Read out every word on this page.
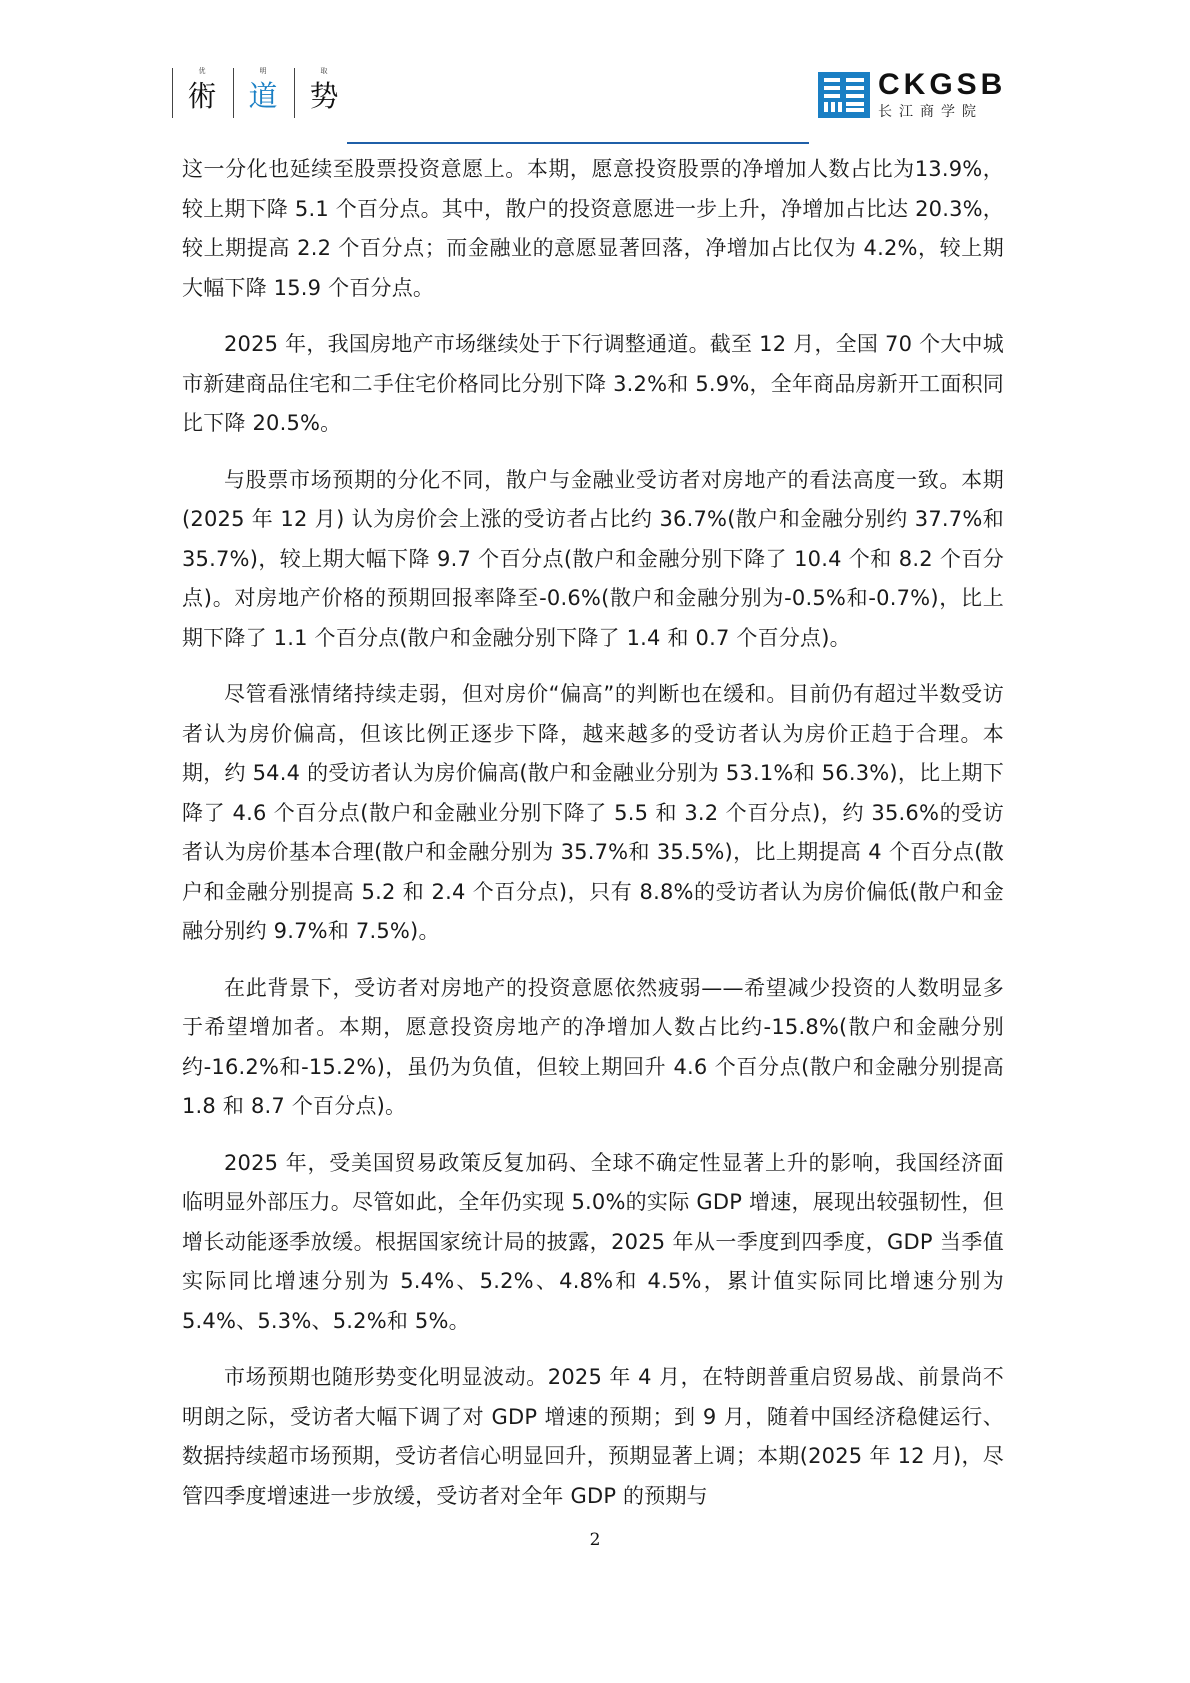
优
術
明
道
取
势	CKGSB
长江商学院

这一分化也延续至股票投资意愿上。本期，愿意投资股票的净增加人数占比为13.9%，较上期下降 5.1 个百分点。其中，散户的投资意愿进一步上升，净增加占比达 20.3%，较上期提高 2.2 个百分点；而金融业的意愿显著回落，净增加占比仅为 4.2%，较上期大幅下降 15.9 个百分点。

2025 年，我国房地产市场继续处于下行调整通道。截至 12 月，全国 70 个大中城市新建商品住宅和二手住宅价格同比分别下降 3.2%和 5.9%，全年商品房新开工面积同比下降 20.5%。

与股票市场预期的分化不同，散户与金融业受访者对房地产的看法高度一致。本期 (2025 年 12 月) 认为房价会上涨的受访者占比约 36.7%(散户和金融分别约 37.7%和 35.7%)，较上期大幅下降 9.7 个百分点(散户和金融分别下降了 10.4 个和 8.2 个百分点)。对房地产价格的预期回报率降至-0.6%(散户和金融分别为-0.5%和-0.7%)，比上期下降了 1.1 个百分点(散户和金融分别下降了 1.4 和 0.7 个百分点)。

尽管看涨情绪持续走弱，但对房价“偏高”的判断也在缓和。目前仍有超过半数受访者认为房价偏高，但该比例正逐步下降，越来越多的受访者认为房价正趋于合理。本期，约 54.4 的受访者认为房价偏高(散户和金融业分别为 53.1%和 56.3%)，比上期下降了 4.6 个百分点(散户和金融业分别下降了 5.5 和 3.2 个百分点)，约 35.6%的受访者认为房价基本合理(散户和金融分别为 35.7%和 35.5%)，比上期提高 4 个百分点(散户和金融分别提高 5.2 和 2.4 个百分点)，只有 8.8%的受访者认为房价偏低(散户和金融分别约 9.7%和 7.5%)。

在此背景下，受访者对房地产的投资意愿依然疲弱——希望减少投资的人数明显多于希望增加者。本期，愿意投资房地产的净增加人数占比约-15.8%(散户和金融分别约-16.2%和-15.2%)，虽仍为负值，但较上期回升 4.6 个百分点(散户和金融分别提高 1.8 和 8.7 个百分点)。

2025 年，受美国贸易政策反复加码、全球不确定性显著上升的影响，我国经济面临明显外部压力。尽管如此，全年仍实现 5.0%的实际 GDP 增速，展现出较强韧性，但增长动能逐季放缓。根据国家统计局的披露，2025 年从一季度到四季度，GDP 当季值实际同比增速分别为 5.4%、5.2%、4.8%和 4.5%，累计值实际同比增速分别为 5.4%、5.3%、5.2%和 5%。

市场预期也随形势变化明显波动。2025 年 4 月，在特朗普重启贸易战、前景尚不明朗之际，受访者大幅下调了对 GDP 增速的预期；到 9 月，随着中国经济稳健运行、数据持续超市场预期，受访者信心明显回升，预期显著上调；本期(2025 年 12 月)，尽管四季度增速进一步放缓，受访者对全年 GDP 的预期与

2
